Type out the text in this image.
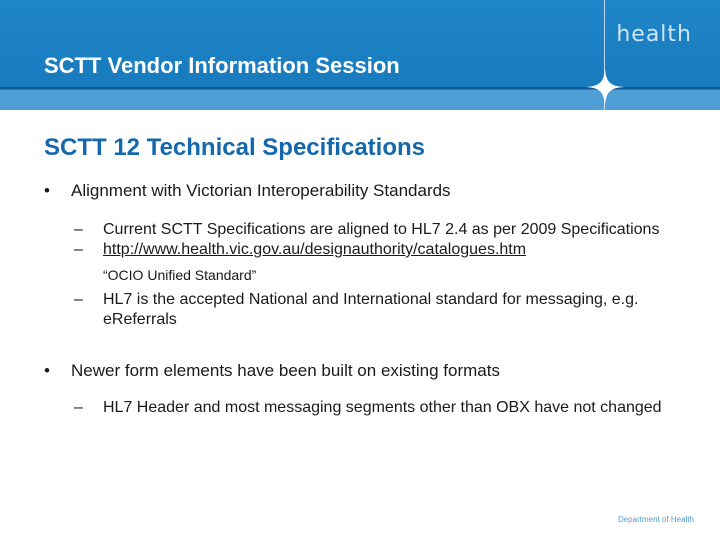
health
SCTT Vendor Information Session
SCTT 12 Technical Specifications
• Alignment with Victorian Interoperability Standards
– Current SCTT Specifications are aligned to HL7 2.4 as per 2009 Specifications
– http://www.health.vic.gov.au/designauthority/catalogues.htm
“OCIO Unified Standard”
– HL7 is the accepted National and International standard for messaging, e.g. eReferrals
• Newer form elements have been built on existing formats
– HL7 Header and most messaging segments other than OBX have not changed
Department of Health
